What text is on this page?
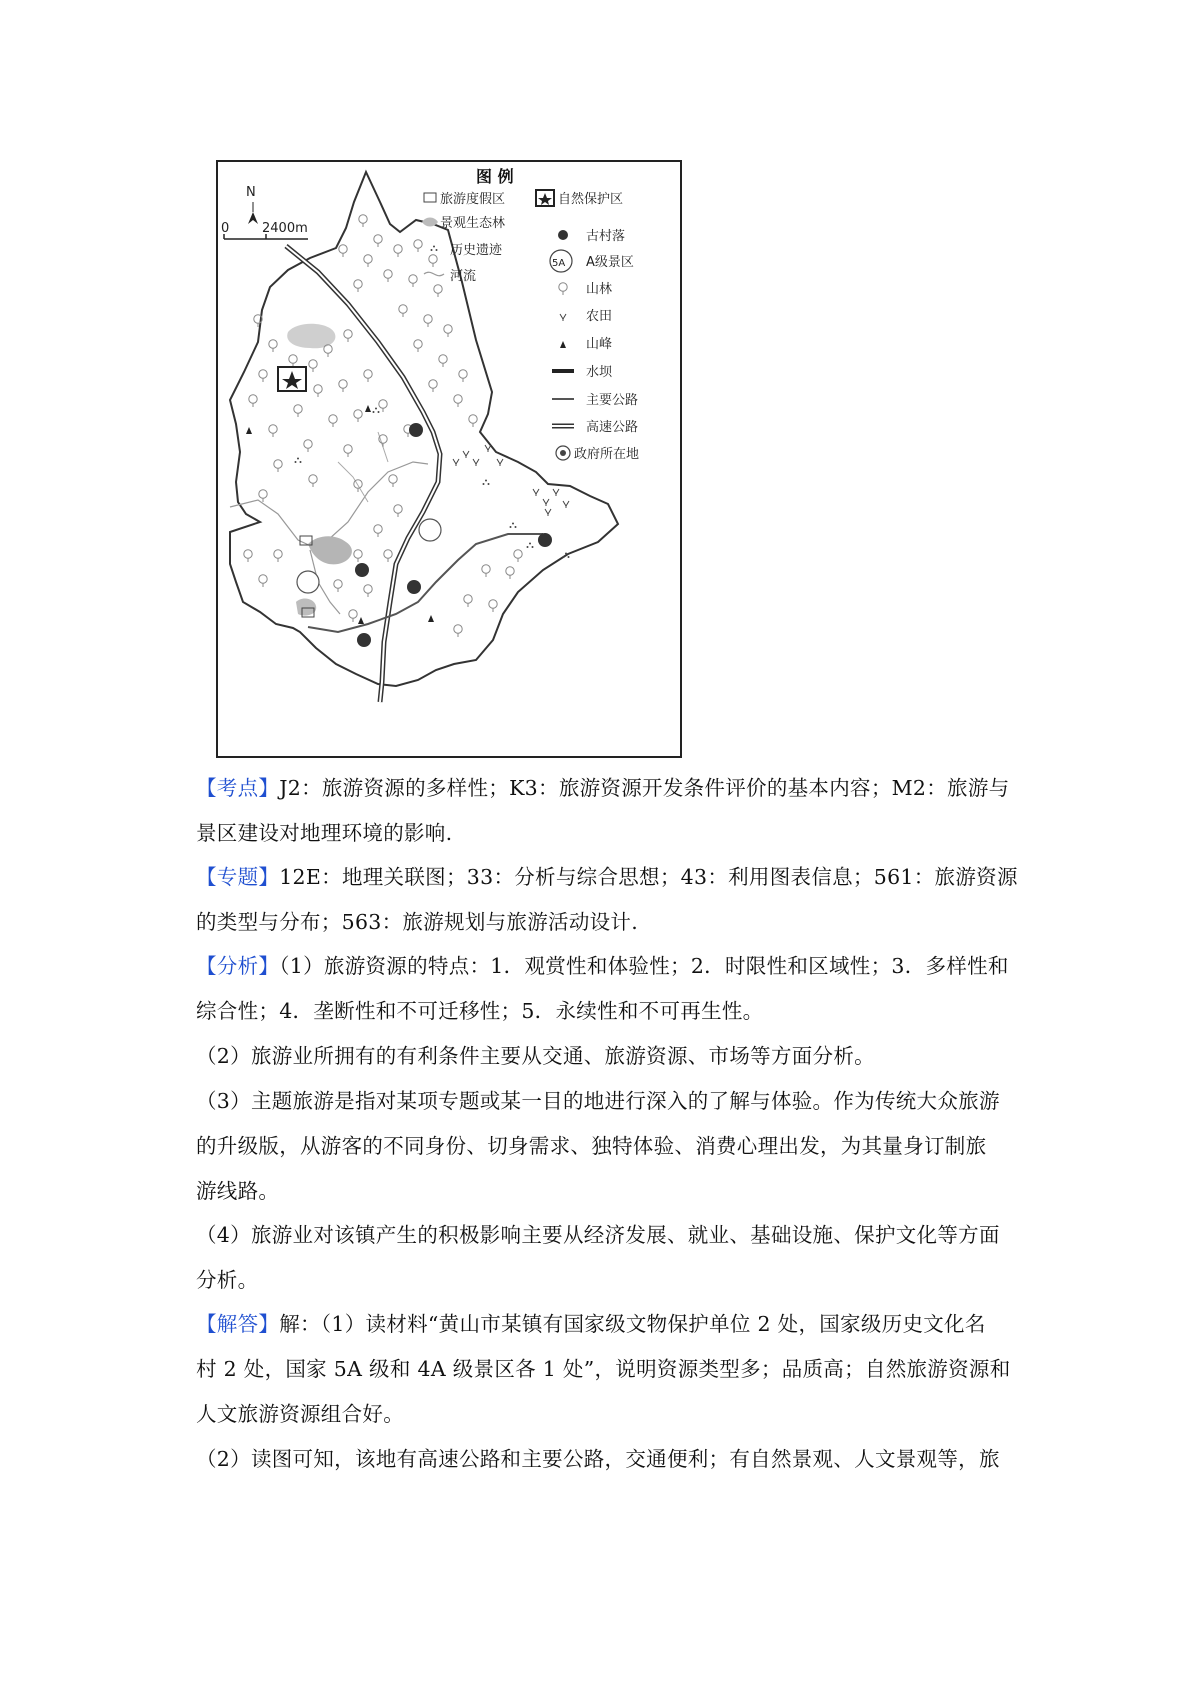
N
0	2400m
图 例
旅游度假区	自然保护区
景观生态林
古村落
历史遗迹
5A A级景区
河流
山林
农田
山峰
水坝
主要公路
高速公路
政府所在地
【考点】J2：旅游资源的多样性；K3：旅游资源开发条件评价的基本内容；M2：旅游与
景区建设对地理环境的影响.
【专题】12E：地理关联图；33：分析与综合思想；43：利用图表信息；561：旅游资源
的类型与分布；563：旅游规划与旅游活动设计.
【分析】（1）旅游资源的特点：1．观赏性和体验性；2．时限性和区域性；3．多样性和
综合性；4．垄断性和不可迁移性；5．永续性和不可再生性。
（2）旅游业所拥有的有利条件主要从交通、旅游资源、市场等方面分析。
（3）主题旅游是指对某项专题或某一目的地进行深入的了解与体验。作为传统大众旅游
的升级版，从游客的不同身份、切身需求、独特体验、消费心理出发，为其量身订制旅
游线路。
（4）旅游业对该镇产生的积极影响主要从经济发展、就业、基础设施、保护文化等方面
分析。
【解答】解：（1）读材料“黄山市某镇有国家级文物保护单位 2 处，国家级历史文化名
村 2 处，国家 5A 级和 4A 级景区各 1 处”，说明资源类型多；品质高；自然旅游资源和
人文旅游资源组合好。
（2）读图可知，该地有高速公路和主要公路，交通便利；有自然景观、人文景观等，旅
